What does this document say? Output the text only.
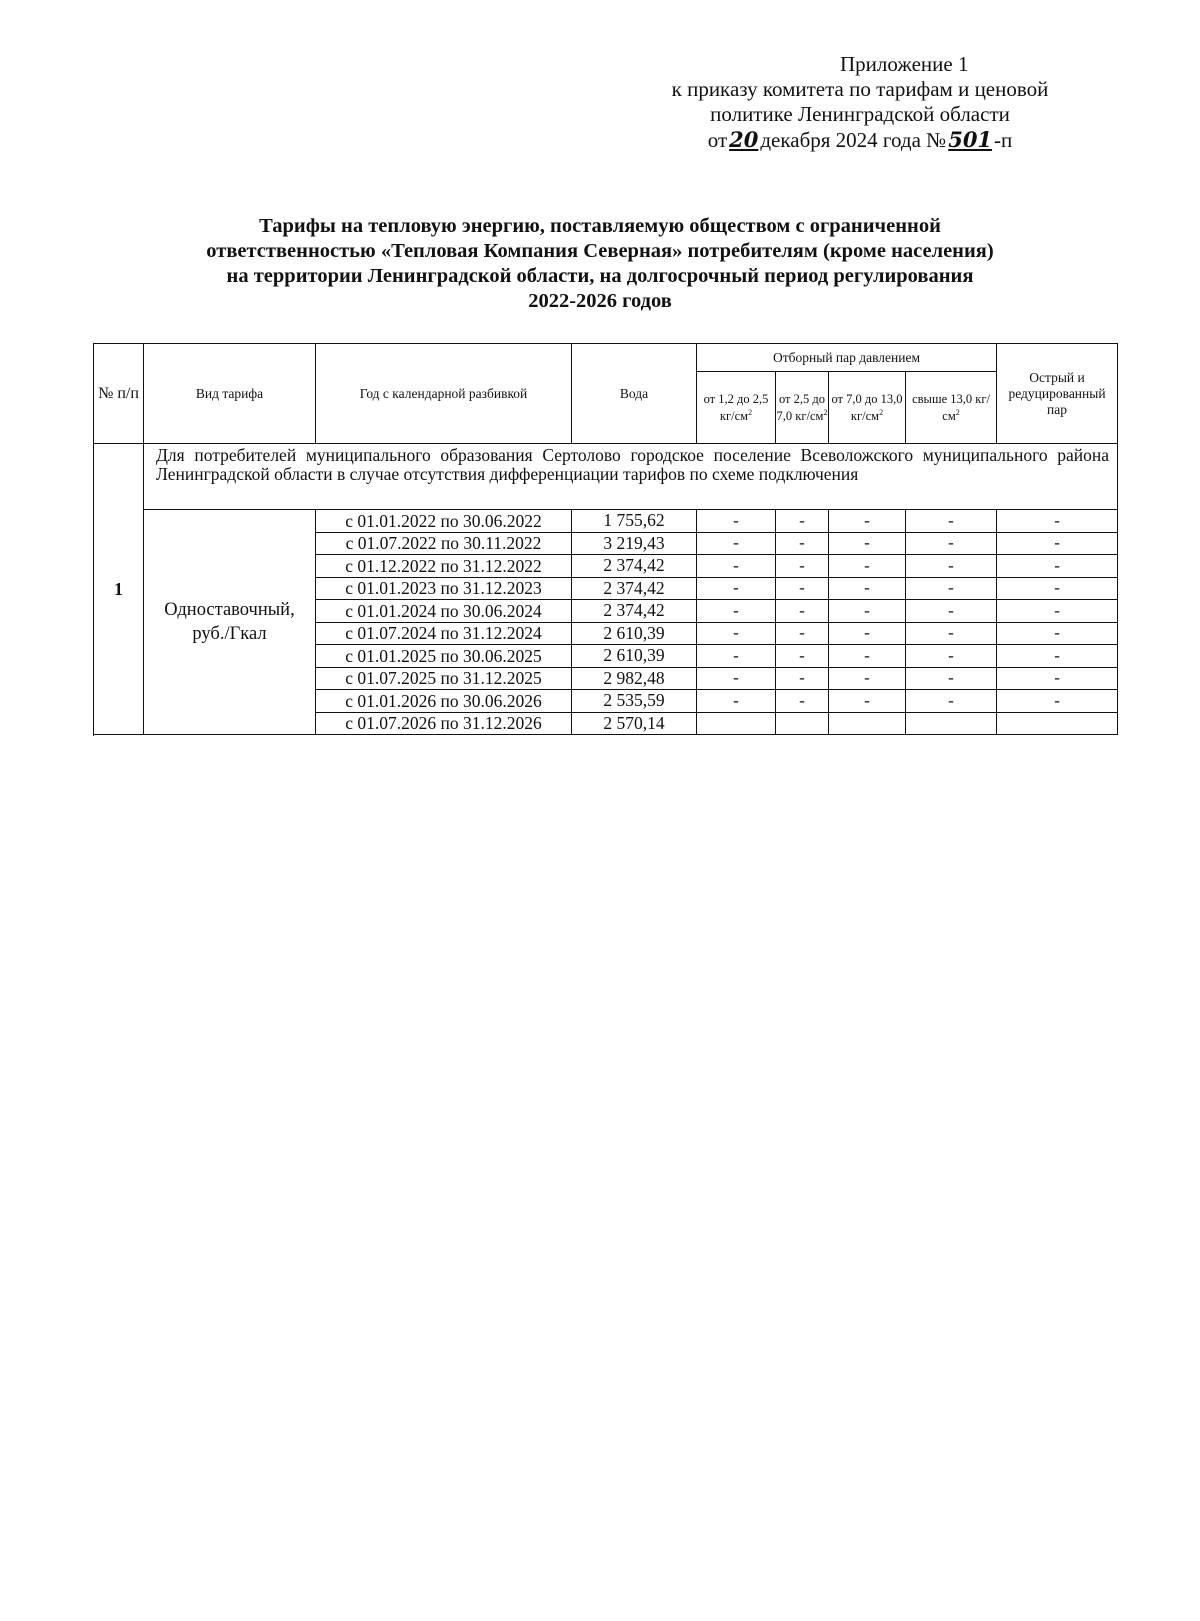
Приложение 1
к приказу комитета по тарифам и ценовой
политике Ленинградской области
от20декабря 2024 года №501-п
Тарифы на тепловую энергию, поставляемую обществом с ограниченной
ответственностью «Тепловая Компания Северная» потребителям (кроме населения)
на территории Ленинградской области, на долгосрочный период регулирования
2022-2026 годов
№ п/п	Вид тарифа	Год с календарной разбивкой	Вода	Отборный пар давлением				Острый и редуцированный пар
				от 1,2 до 2,5 $кг/см^2$	от 2,5 до 7,0 $кг/см^2$	от 7,0 до 13,0 $кг/см^2$	свыше 13,0 $кг/см^2$
1	Для потребителей муниципального образования Сертолово городское поселение Всеволожского муниципального района Ленинградской области в случае отсутствия дифференциации тарифов по схеме подключения							
	Одноставочный, руб./Гкал	с 01.01.2022 по 30.06.2022	1 755,62	-	-	-	-	-
		с 01.07.2022 по 30.11.2022	3 219,43	-	-	-	-	-
		с 01.12.2022 по 31.12.2022	2 374,42	-	-	-	-	-
		с 01.01.2023 по 31.12.2023	2 374,42	-	-	-	-	-
		с 01.01.2024 по 30.06.2024	2 374,42	-	-	-	-	-
		с 01.07.2024 по 31.12.2024	2 610,39	-	-	-	-	-
		с 01.01.2025 по 30.06.2025	2 610,39	-	-	-	-	-
		с 01.07.2025 по 31.12.2025	2 982,48	-	-	-	-	-
		с 01.01.2026 по 30.06.2026	2 535,59	-	-	-	-	-
		с 01.07.2026 по 31.12.2026	2 570,14					
